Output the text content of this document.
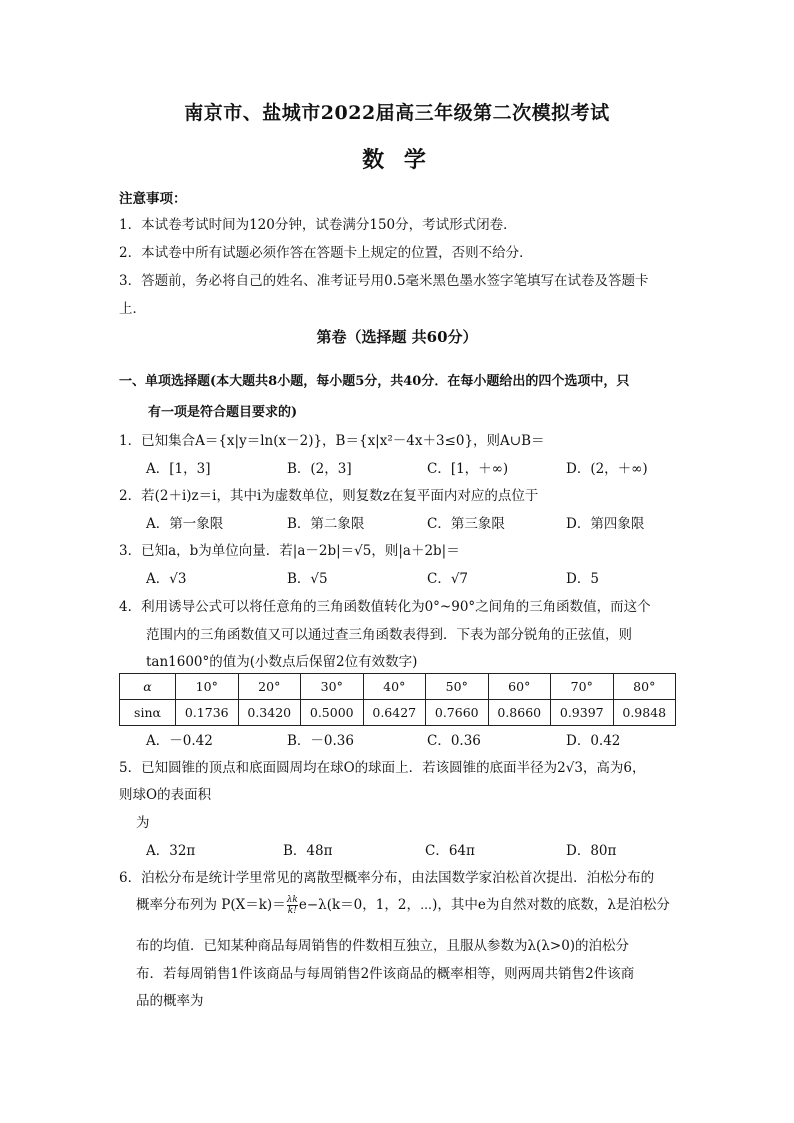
南京市、盐城市2022届高三年级第二次模拟考试
数 学
注意事项：
1．本试卷考试时间为120分钟，试卷满分150分，考试形式闭卷．
2．本试卷中所有试题必须作答在答题卡上规定的位置，否则不给分．
3．答题前，务必将自己的姓名、准考证号用0.5毫米黑色墨水签字笔填写在试卷及答题卡
上．
第卷（选择题 共60分）
一、单项选择题(本大题共8小题，每小题5分，共40分．在每小题给出的四个选项中，只
有一项是符合题目要求的)
1．已知集合A＝{x|y＝ln(x－2)}，B＝{x|x²－4x＋3≤0}，则A∪B＝
A．[1，3]	B．(2，3]	C．[1，＋∞)	D．(2，＋∞)
2．若(2＋i)z＝i，其中i为虚数单位，则复数z在复平面内对应的点位于
A．第一象限	B．第二象限	C．第三象限	D．第四象限
3．已知a，b为单位向量．若|a－2b|＝√5，则|a＋2b|＝
A．√3	B．√5	C．√7	D．5
4．利用诱导公式可以将任意角的三角函数值转化为0°~90°之间角的三角函数值，而这个
范围内的三角函数值又可以通过查三角函数表得到．下表为部分锐角的正弦值，则
tan1600°的值为(小数点后保留2位有效数字)
α	10°	20°	30°	40°	50°	60°	70°	80°
sinα	0.1736	0.3420	0.5000	0.6427	0.7660	0.8660	0.9397	0.9848
A．－0.42	B．－0.36	C．0.36	D．0.42
5．已知圆锥的顶点和底面圆周均在球O的球面上．若该圆锥的底面半径为2√3，高为6，
则球O的表面积
为
A．32π	B．48π	C．64π	D．80π
6．泊松分布是统计学里常见的离散型概率分布，由法国数学家泊松首次提出．泊松分布的
概率分布列为 $P(X=k)= \frac{\lambda k}{k!} e-\lambda(k=0$，1，2，⋯)，其中e为自然对数的底数，λ是泊松分
布的均值．已知某种商品每周销售的件数相互独立，且服从参数为λ(λ>0)的泊松分
布．若每周销售1件该商品与每周销售2件该商品的概率相等，则两周共销售2件该商
品的概率为
